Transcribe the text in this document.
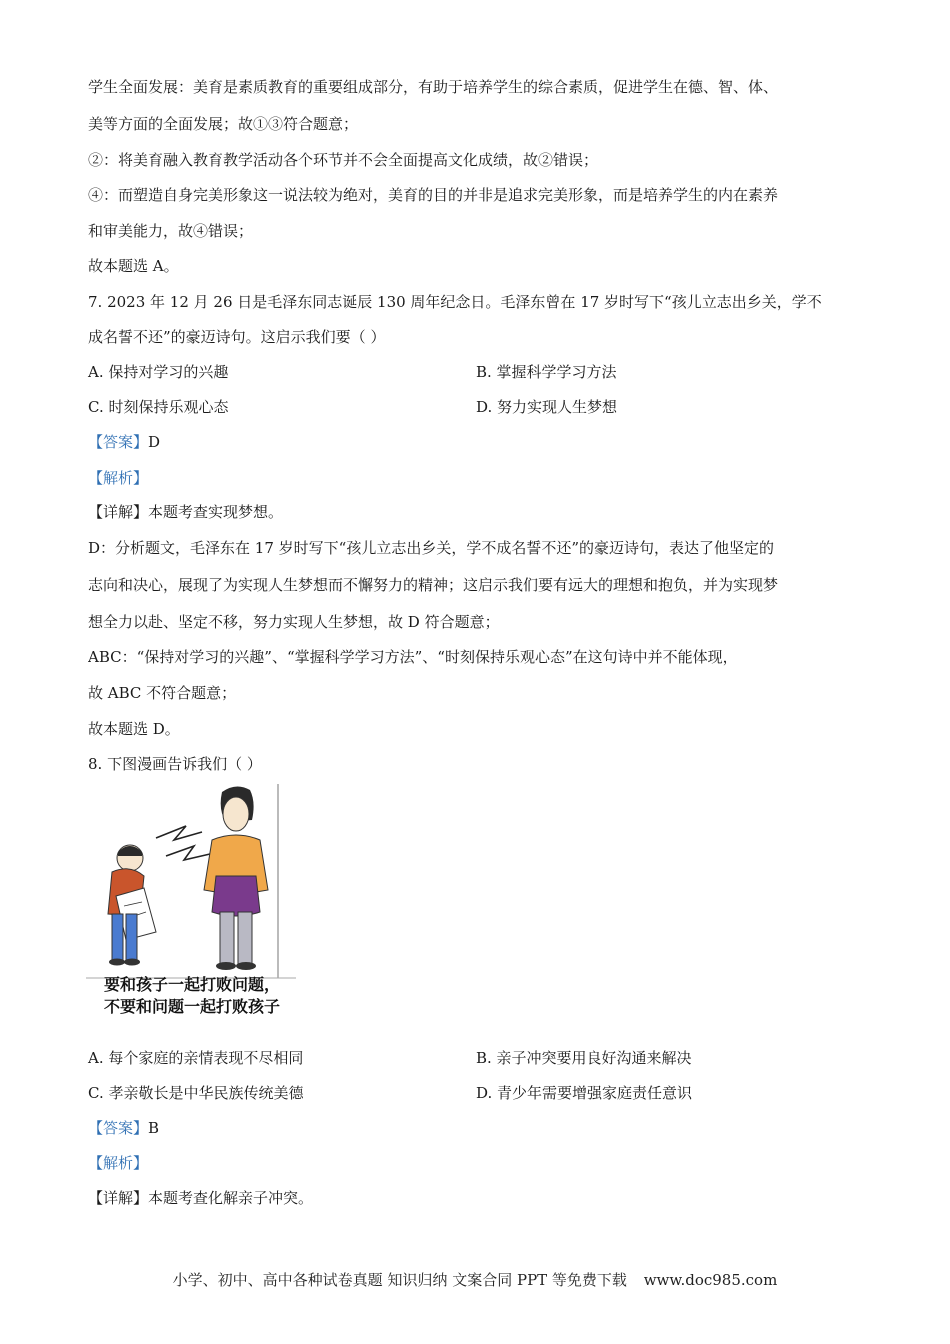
学生全面发展：美育是素质教育的重要组成部分，有助于培养学生的综合素质，促进学生在德、智、体、
美等方面的全面发展；故①③符合题意；
②：将美育融入教育教学活动各个环节并不会全面提高文化成绩，故②错误；
④：而塑造自身完美形象这一说法较为绝对，美育的目的并非是追求完美形象，而是培养学生的内在素养
和审美能力，故④错误；
故本题选 A。
7. 2023 年 12 月 26 日是毛泽东同志诞辰 130 周年纪念日。毛泽东曾在 17 岁时写下“孩儿立志出乡关，学不
成名誓不还”的豪迈诗句。这启示我们要（ ）
A. 保持对学习的兴趣	B. 掌握科学学习方法
C. 时刻保持乐观心态	D. 努力实现人生梦想
【答案】D
【解析】
【详解】本题考查实现梦想。
D：分析题文，毛泽东在 17 岁时写下“孩儿立志出乡关，学不成名誓不还”的豪迈诗句，表达了他坚定的
志向和决心，展现了为实现人生梦想而不懈努力的精神；这启示我们要有远大的理想和抱负，并为实现梦
想全力以赴、坚定不移，努力实现人生梦想，故 D 符合题意；
ABC：“保持对学习的兴趣”、“掌握科学学习方法”、“时刻保持乐观心态”在这句诗中并不能体现，
故 ABC 不符合题意；
故本题选 D。
8. 下图漫画告诉我们（ ）
要和孩子一起打败问题，
不要和问题一起打败孩子
A. 每个家庭的亲情表现不尽相同	B. 亲子冲突要用良好沟通来解决
C. 孝亲敬长是中华民族传统美德	D. 青少年需要增强家庭责任意识
【答案】B
【解析】
【详解】本题考查化解亲子冲突。
小学、初中、高中各种试卷真题 知识归纳 文案合同 PPT 等免费下载 www.doc985.com
